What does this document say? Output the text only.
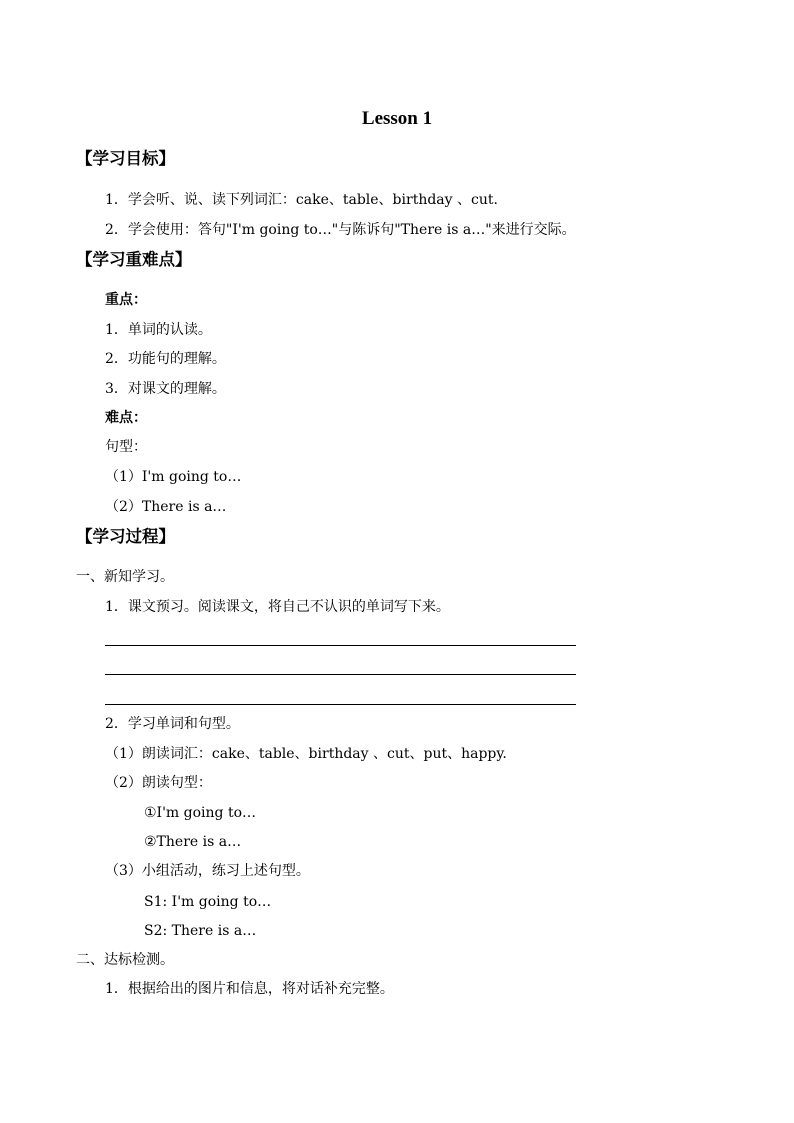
Lesson 1
【学习目标】
1．学会听、说、读下列词汇：cake、table、birthday 、cut.
2．学会使用：答句"I'm going to…"与陈诉句"There is a…"来进行交际。
【学习重难点】
重点：
1．单词的认读。
2．功能句的理解。
3．对课文的理解。
难点：
句型：
（1）I'm going to…
（2）There is a…
【学习过程】
一、新知学习。
1．课文预习。阅读课文，将自己不认识的单词写下来。
2．学习单词和句型。
（1）朗读词汇：cake、table、birthday 、cut、put、happy.
（2）朗读句型：
①I'm going to…
②There is a…
（3）小组活动，练习上述句型。
S1: I'm going to…
S2: There is a…
二、达标检测。
1．根据给出的图片和信息，将对话补充完整。
